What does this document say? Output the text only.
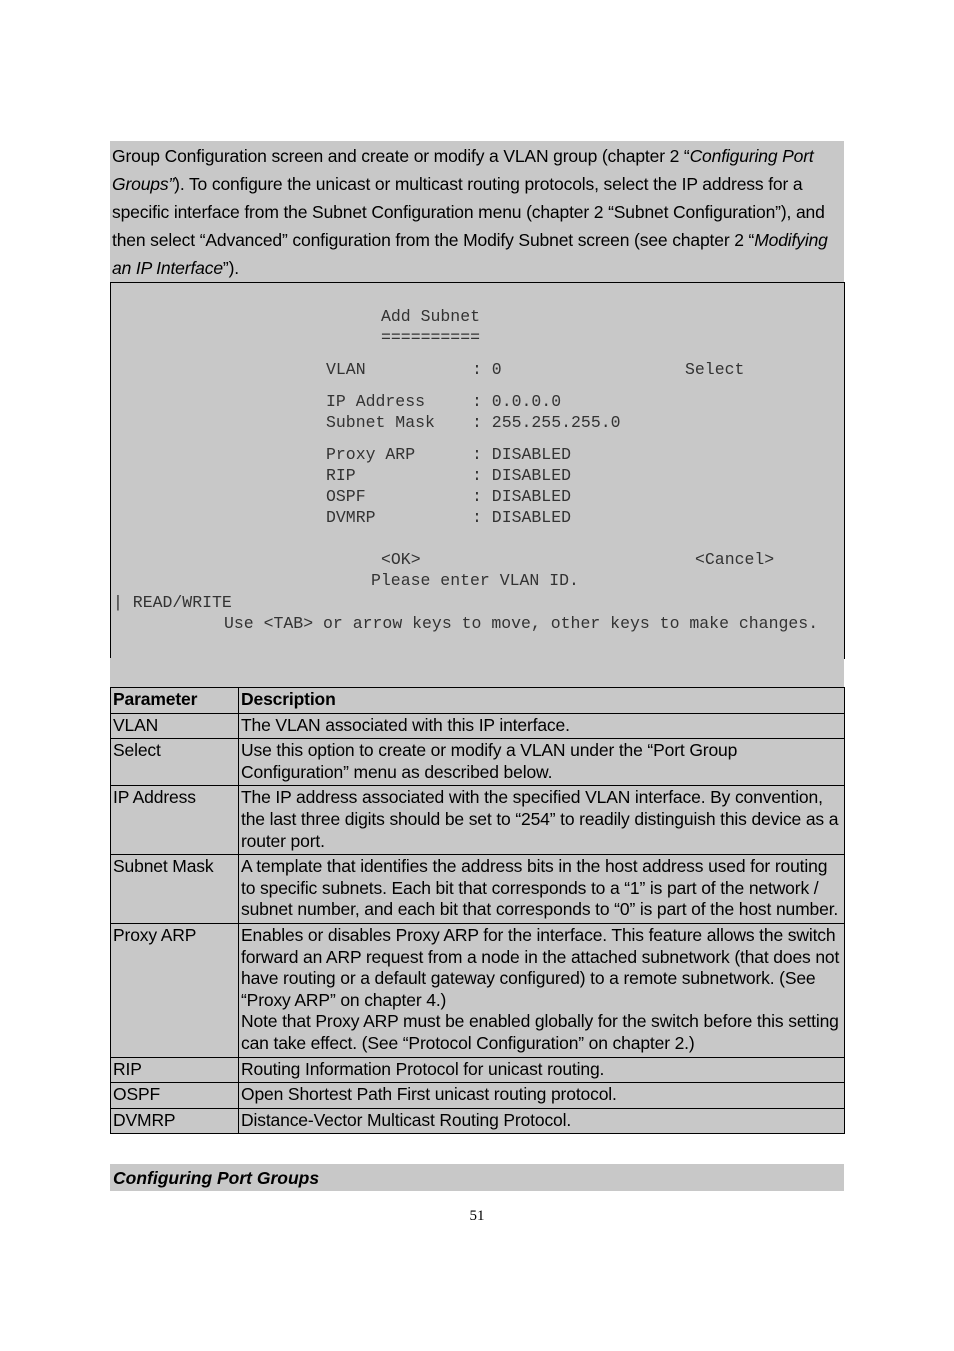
Group Configuration screen and create or modify a VLAN group (chapter 2 “Configuring Port Groups”). To configure the unicast or multicast routing protocols, select the IP address for a specific interface from the Subnet Configuration menu (chapter 2 “Subnet Configuration”), and then select “Advanced” configuration from the Modify Subnet screen (see chapter 2 “Modifying an IP Interface”).

Add Subnet
==========
VLAN	: 0	Select
IP Address	: 0.0.0.0
Subnet Mask : 255.255.255.0
Proxy ARP	: DISABLED
RIP	: DISABLED
OSPF	: DISABLED
DVMRP	: DISABLED
<OK>	<Cancel>
Please enter VLAN ID.
| READ/WRITE
Use <TAB> or arrow keys to move, other keys to make changes.
Parameter	Description
VLAN	The VLAN associated with this IP interface.
Select	Use this option to create or modify a VLAN under the “Port Group Configuration” menu as described below.
IP Address	The IP address associated with the specified VLAN interface. By convention, the last three digits should be set to “254” to readily distinguish this device as a router port.
Subnet Mask	A template that identifies the address bits in the host address used for routing to specific subnets. Each bit that corresponds to a “1” is part of the network / subnet number, and each bit that corresponds to “0” is part of the host number.
Proxy ARP	Enables or disables Proxy ARP for the interface. This feature allows the switch forward an ARP request from a node in the attached subnetwork (that does not have routing or a default gateway configured) to a remote subnetwork. (See “Proxy ARP” on chapter 4.)
Note that Proxy ARP must be enabled globally for the switch before this setting can take effect. (See “Protocol Configuration” on chapter 2.)

RIP	Routing Information Protocol for unicast routing.
OSPF	Open Shortest Path First unicast routing protocol.
DVMRP	Distance-Vector Multicast Routing Protocol.
Configuring Port Groups
51
